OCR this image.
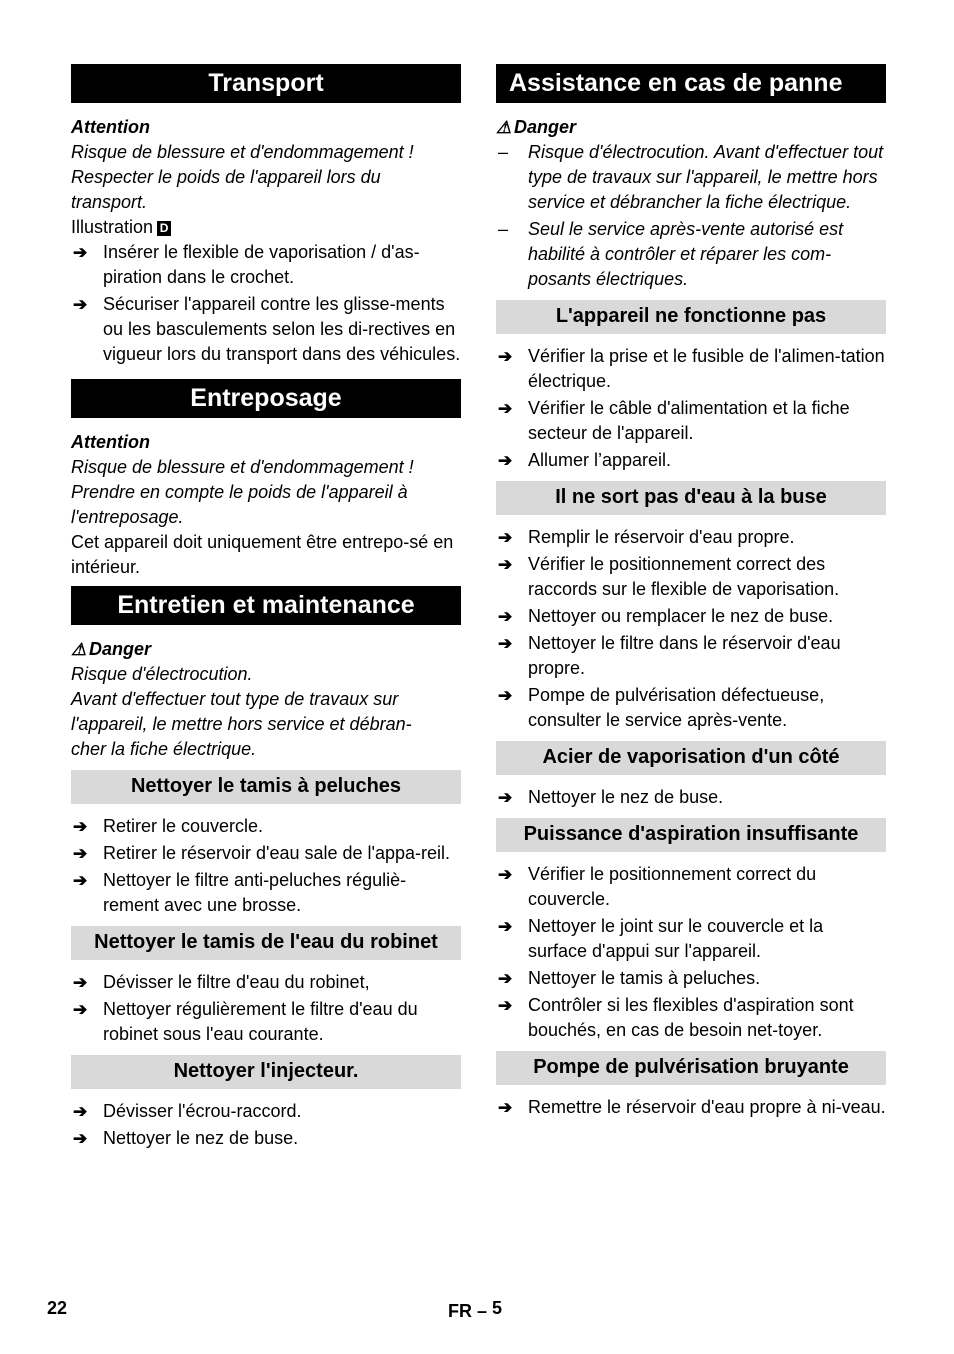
Transport
Attention
Risque de blessure et d'endommagement !
Respecter le poids de l'appareil lors du
transport.
Illustration D
➔ Insérer le flexible de vaporisation / d'as-piration dans le crochet.
➔ Sécuriser l'appareil contre les glisse-ments ou les basculements selon les di-rectives en vigueur lors du transport dans des véhicules.
Entreposage
Attention
Risque de blessure et d'endommagement !
Prendre en compte le poids de l'appareil à
l'entreposage.
Cet appareil doit uniquement être entrepo-sé en intérieur.
Entretien et maintenance
⚠ Danger
Risque d'électrocution.
Avant d'effectuer tout type de travaux sur
l'appareil, le mettre hors service et débran-
cher la fiche électrique.
Nettoyer le tamis à peluches
➔ Retirer le couvercle.
➔ Retirer le réservoir d'eau sale de l'appa-reil.
➔ Nettoyer le filtre anti-peluches réguliè-rement avec une brosse.
Nettoyer le tamis de l'eau du robinet
➔ Dévisser le filtre d'eau du robinet,
➔ Nettoyer régulièrement le filtre d'eau du robinet sous l'eau courante.
Nettoyer l'injecteur.
➔ Dévisser l'écrou-raccord.
➔ Nettoyer le nez de buse.
Assistance en cas de panne
⚠ Danger
– Risque d'électrocution. Avant d'effectuer tout type de travaux sur l'appareil, le mettre hors service et débrancher la fiche électrique.
– Seul le service après-vente autorisé est habilité à contrôler et réparer les com-posants électriques.
L'appareil ne fonctionne pas
➔ Vérifier la prise et le fusible de l'alimen-tation électrique.
➔ Vérifier le câble d'alimentation et la fiche secteur de l'appareil.
➔ Allumer l’appareil.
Il ne sort pas d'eau à la buse
➔ Remplir le réservoir d'eau propre.
➔ Vérifier le positionnement correct des raccords sur le flexible de vaporisation.
➔ Nettoyer ou remplacer le nez de buse.
➔ Nettoyer le filtre dans le réservoir d'eau propre.
➔ Pompe de pulvérisation défectueuse, consulter le service après-vente.
Acier de vaporisation d'un côté
➔ Nettoyer le nez de buse.
Puissance d'aspiration insuffisante
➔ Vérifier le positionnement correct du couvercle.
➔ Nettoyer le joint sur le couvercle et la surface d'appui sur l'appareil.
➔ Nettoyer le tamis à peluches.
➔ Contrôler si les flexibles d'aspiration sont bouchés, en cas de besoin net-toyer.
Pompe de pulvérisation bruyante
➔ Remettre le réservoir d'eau propre à ni-veau.
22	FR – 5
